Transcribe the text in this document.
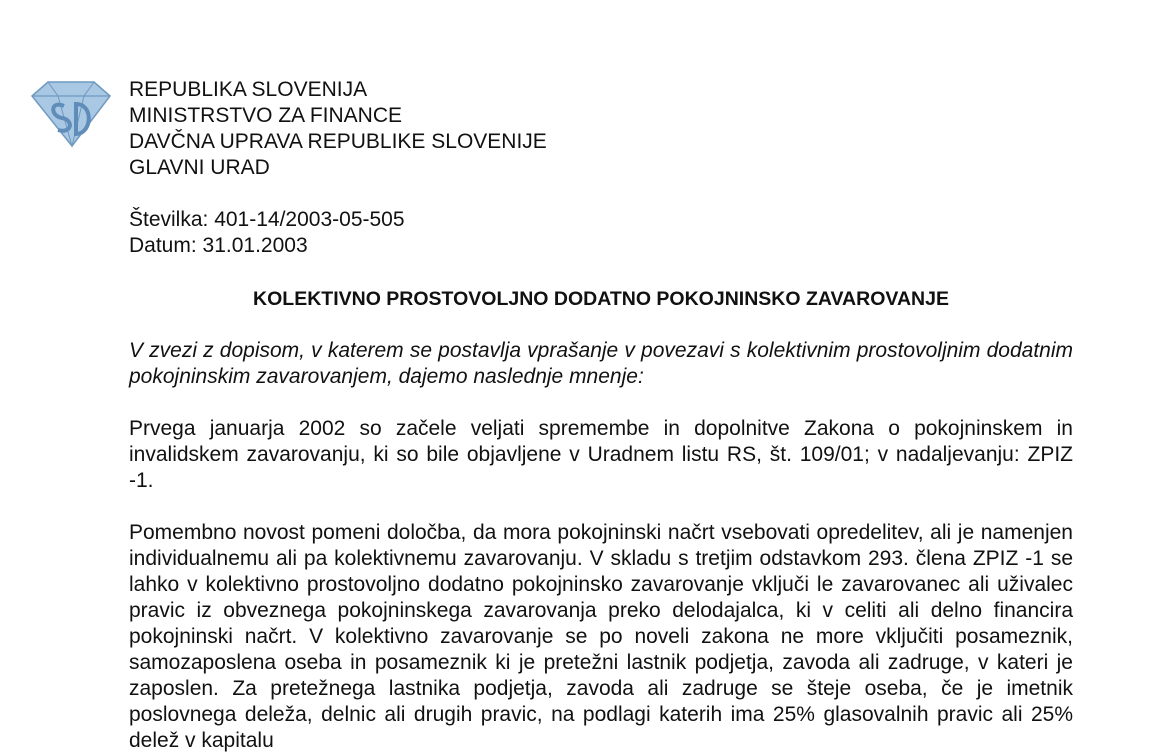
REPUBLIKA SLOVENIJA
MINISTRSTVO ZA FINANCE
DAVČNA UPRAVA REPUBLIKE SLOVENIJE
GLAVNI URAD
Številka: 401-14/2003-05-505
Datum: 31.01.2003
KOLEKTIVNO PROSTOVOLJNO DODATNO POKOJNINSKO ZAVAROVANJE

V zvezi z dopisom, v katerem se postavlja vprašanje v povezavi s kolektivnim prostovoljnim dodatnim pokojninskim zavarovanjem, dajemo naslednje mnenje:

Prvega januarja 2002 so začele veljati spremembe in dopolnitve Zakona o pokojninskem in invalidskem zavarovanju, ki so bile objavljene v Uradnem listu RS, št. 109/01; v nadaljevanju: ZPIZ -1.

Pomembno novost pomeni določba, da mora pokojninski načrt vsebovati opredelitev, ali je namenjen individualnemu ali pa kolektivnemu zavarovanju. V skladu s tretjim odstavkom 293. člena ZPIZ -1 se lahko v kolektivno prostovoljno dodatno pokojninsko zavarovanje vključi le zavarovanec ali uživalec pravic iz obveznega pokojninskega zavarovanja preko delodajalca, ki v celiti ali delno financira pokojninski načrt. V kolektivno zavarovanje se po noveli zakona ne more vključiti posameznik, samozaposlena oseba in posameznik ki je pretežni lastnik podjetja, zavoda ali zadruge, v kateri je zaposlen. Za pretežnega lastnika podjetja, zavoda ali zadruge se šteje oseba, če je imetnik poslovnega deleža, delnic ali drugih pravic, na podlagi katerih ima 25% glasovalnih pravic ali 25% delež v kapitalu
